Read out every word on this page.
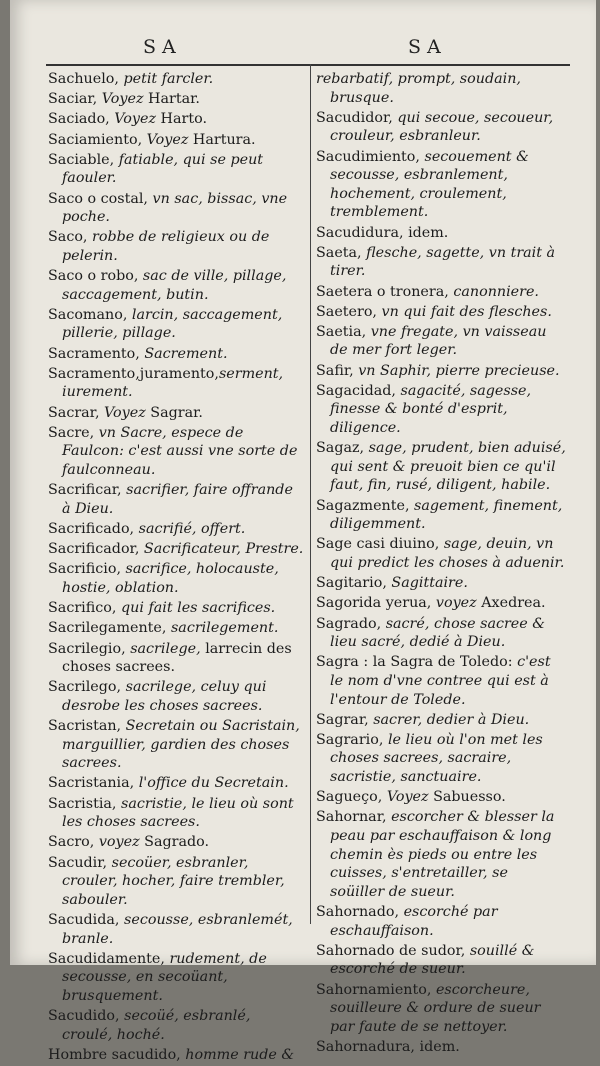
SA	SA
Sachuelo, petit farcler.
Saciar, Voyez Hartar.
Saciado, Voyez Harto.
Saciamiento, Voyez Hartura.
Saciable, fatiable, qui se peut faouler.
Saco o costal, vn sac, bissac, vne poche.
Saco, robbe de religieux ou de pelerin.
Saco o robo, sac de ville, pillage, saccagement, butin.
Sacomano, larcin, saccagement, pillerie, pillage.
Sacramento, Sacrement.
Sacramento,juramento,serment, iurement.
Sacrar, Voyez Sagrar.
Sacre, vn Sacre, espece de Faulcon: c'est aussi vne sorte de faulconneau.
Sacrificar, sacrifier, faire offrande à Dieu.
Sacrificado, sacrifié, offert.
Sacrificador, Sacrificateur, Prestre.
Sacrificio, sacrifice, holocauste, hostie, oblation.
Sacrifico, qui fait les sacrifices.
Sacrilegamente, sacrilegement.
Sacrilegio, sacrilege, larrecin des choses sacrees.
Sacrilego, sacrilege, celuy qui desrobe les choses sacrees.
Sacristan, Secretain ou Sacristain, marguillier, gardien des choses sacrees.
Sacristania, l'office du Secretain.
Sacristia, sacristie, le lieu où sont les choses sacrees.
Sacro, voyez Sagrado.
Sacudir, secoüer, esbranler, crouler, hocher, faire trembler, sabouler.
Sacudida, secousse, esbranlemét, branle.
Sacudidamente, rudement, de secousse, en secoüant, brusquement.
Sacudido, secoüé, esbranlé, croulé, hoché.
Hombre sacudido, homme rude &
rebarbatif, prompt, soudain, brusque.
Sacudidor, qui secoue, secoueur, crouleur, esbranleur.
Sacudimiento, secouement & secousse, esbranlement, hochement, croulement, tremblement.
Sacudidura, idem.
Saeta, flesche, sagette, vn trait à tirer.
Saetera o tronera, canonniere.
Saetero, vn qui fait des flesches.
Saetia, vne fregate, vn vaisseau de mer fort leger.
Safir, vn Saphir, pierre precieuse.
Sagacidad, sagacité, sagesse, finesse & bonté d'esprit, diligence.
Sagaz, sage, prudent, bien aduisé, qui sent & preuoit bien ce qu'il faut, fin, rusé, diligent, habile.
Sagazmente, sagement, finement, diligemment.
Sage casi diuino, sage, deuin, vn qui predict les choses à aduenir.
Sagitario, Sagittaire.
Sagorida yerua, voyez Axedrea.
Sagrado, sacré, chose sacree & lieu sacré, dedié à Dieu.
Sagra : la Sagra de Toledo: c'est le nom d'vne contree qui est à l'entour de Tolede.
Sagrar, sacrer, dedier à Dieu.
Sagrario, le lieu où l'on met les choses sacrees, sacraire, sacristie, sanctuaire.
Sagueço, Voyez Sabuesso.
Sahornar, escorcher & blesser la peau par eschauffaison & long chemin ès pieds ou entre les cuisses, s'entretailler, se soüiller de sueur.
Sahornado, escorché par eschauffaison.
Sahornado de sudor, souillé & escorché de sueur.
Sahornamiento, escorcheure, souilleure & ordure de sueur par faute de se nettoyer.
Sahornadura, idem.
